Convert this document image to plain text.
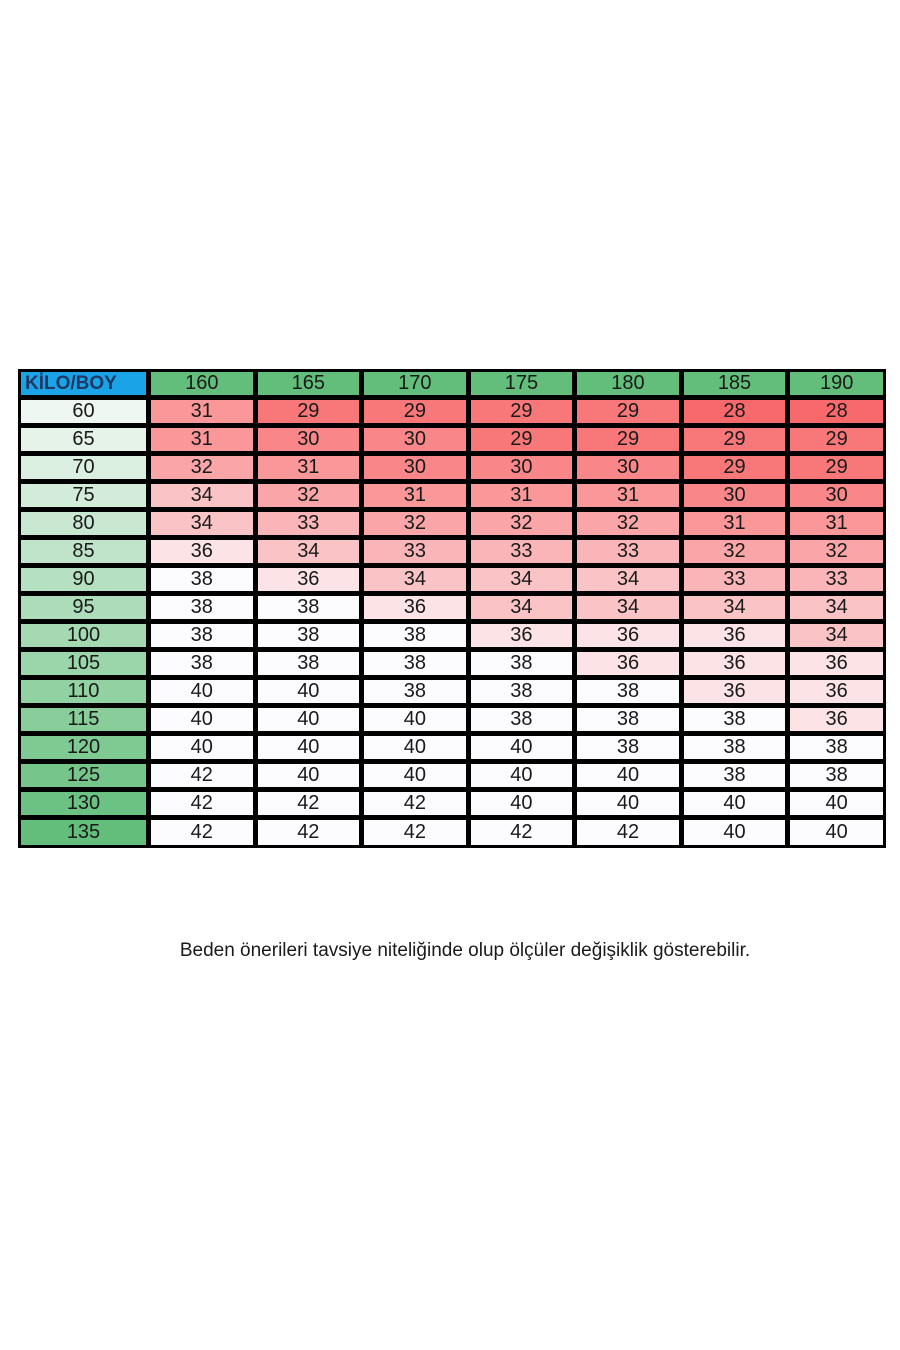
KİLO/BOY	160	165	170	175	180	185	190
60	31	29	29	29	29	28	28
65	31	30	30	29	29	29	29
70	32	31	30	30	30	29	29
75	34	32	31	31	31	30	30
80	34	33	32	32	32	31	31
85	36	34	33	33	33	32	32
90	38	36	34	34	34	33	33
95	38	38	36	34	34	34	34
100	38	38	38	36	36	36	34
105	38	38	38	38	36	36	36
110	40	40	38	38	38	36	36
115	40	40	40	38	38	38	36
120	40	40	40	40	38	38	38
125	42	40	40	40	40	38	38
130	42	42	42	40	40	40	40
135	42	42	42	42	42	40	40
Beden önerileri tavsiye niteliğinde olup ölçüler değişiklik gösterebilir.
